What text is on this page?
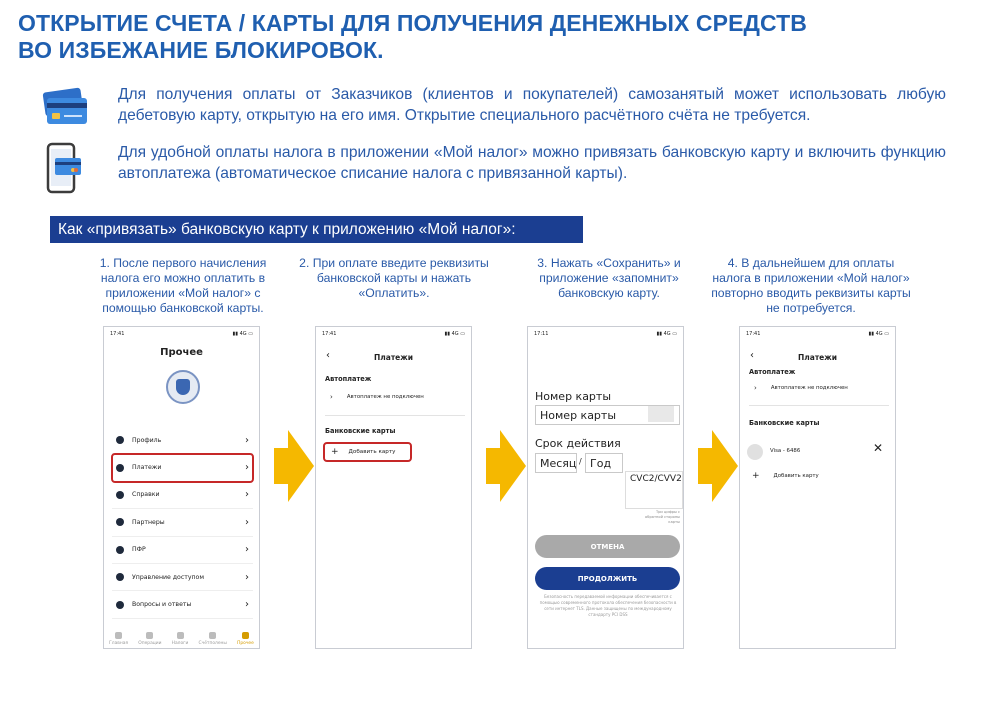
ОТКРЫТИЕ СЧЕТА / КАРТЫ ДЛЯ ПОЛУЧЕНИЯ ДЕНЕЖНЫХ СРЕДСТВ ВО ИЗБЕЖАНИЕ БЛОКИРОВОК.

Для получения оплаты от Заказчиков (клиентов и покупателей) самозанятый может использовать любую дебетовую карту, открытую на его имя. Открытие специального расчётного счёта не требуется.

Для удобной оплаты налога в приложении «Мой налог» можно привязать банковскую карту и включить функцию автоплатежа (автоматическое списание налога с привязанной карты).

Как «привязать» банковскую карту к приложению «Мой налог»:
1. После первого начисления налога его можно оплатить в приложении «Мой налог» с помощью банковской карты.
2. При оплате введите реквизиты банковской карты и нажать «Оплатить».
3. Нажать «Сохранить» и приложение «запомнит» банковскую карту.
4. В дальнейшем для оплаты налога в приложении «Мой налог» повторно вводить реквизиты карты не потребуется.
17:41	▮▮ 4G ▭
Прочее
Профиль	›
Платежи	›
Справки	›
Партнеры	›
ПФР	›
Управление доступом	›
Вопросы и ответы	›
Главная Операции Налоги Счётполены Прочее
17:41	▮▮ 4G ▭
‹	Платежи
Автоплатеж
›	Автоплатеж не подключен
Банковские карты
+ Добавить карту
17:11	▮▮ 4G ▭
Номер карты
Номер карты
Срок действия
Месяц / Год
CVC2/CVV2
Три цифры с обратной стороны карты
ОТМЕНА
ПРОДОЛЖИТЬ
Безопасность передаваемой информации обеспечивается с помощью современного протокола обеспечения безопасности в сети интернет TLS. Данные защищены по международному стандарту PCI DSS
17:41	▮▮ 4G ▭
‹	Платежи
Автоплатеж
›	Автоплатеж не подключен
Банковские карты
Visa - 6486	✕
+	Добавить карту
